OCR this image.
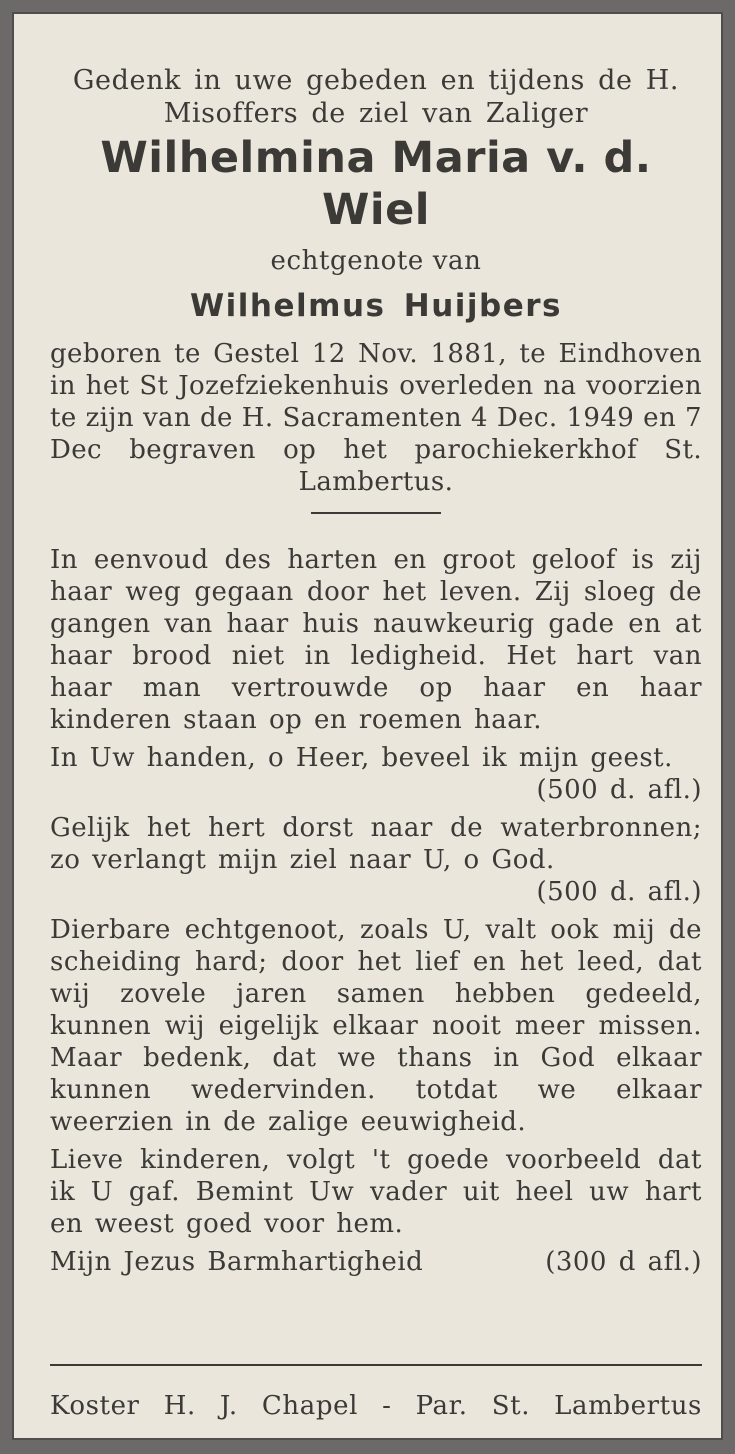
Gedenk in uwe gebeden en tijdens de H. Misoffers de ziel van Zaliger
Wilhelmina Maria v. d. Wiel
echtgenote van
Wilhelmus Huijbers
geboren te Gestel 12 Nov. 1881, te Eindhoven in het St Jozefziekenhuis overleden na voorzien te zijn van de H. Sacramenten 4 Dec. 1949 en 7 Dec begraven op het parochiekerkhof St. Lambertus.
In eenvoud des harten en groot geloof is zij haar weg gegaan door het leven. Zij sloeg de gangen van haar huis nauwkeurig gade en at haar brood niet in ledigheid. Het hart van haar man vertrouwde op haar en haar kinderen staan op en roemen haar.
In Uw handen, o Heer, beveel ik mijn geest.
(500 d. afl.)
Gelijk het hert dorst naar de waterbronnen; zo verlangt mijn ziel naar U, o God.
(500 d. afl.)
Dierbare echtgenoot, zoals U, valt ook mij de scheiding hard; door het lief en het leed, dat wij zovele jaren samen hebben gedeeld, kunnen wij eigelijk elkaar nooit meer missen. Maar bedenk, dat we thans in God elkaar kunnen wedervinden. totdat we elkaar weerzien in de zalige eeuwigheid.
Lieve kinderen, volgt 't goede voorbeeld dat ik U gaf. Bemint Uw vader uit heel uw hart en weest goed voor hem.
Mijn Jezus Barmhartigheid	(300 d afl.)
Koster H. J. Chapel - Par. St. Lambertus
